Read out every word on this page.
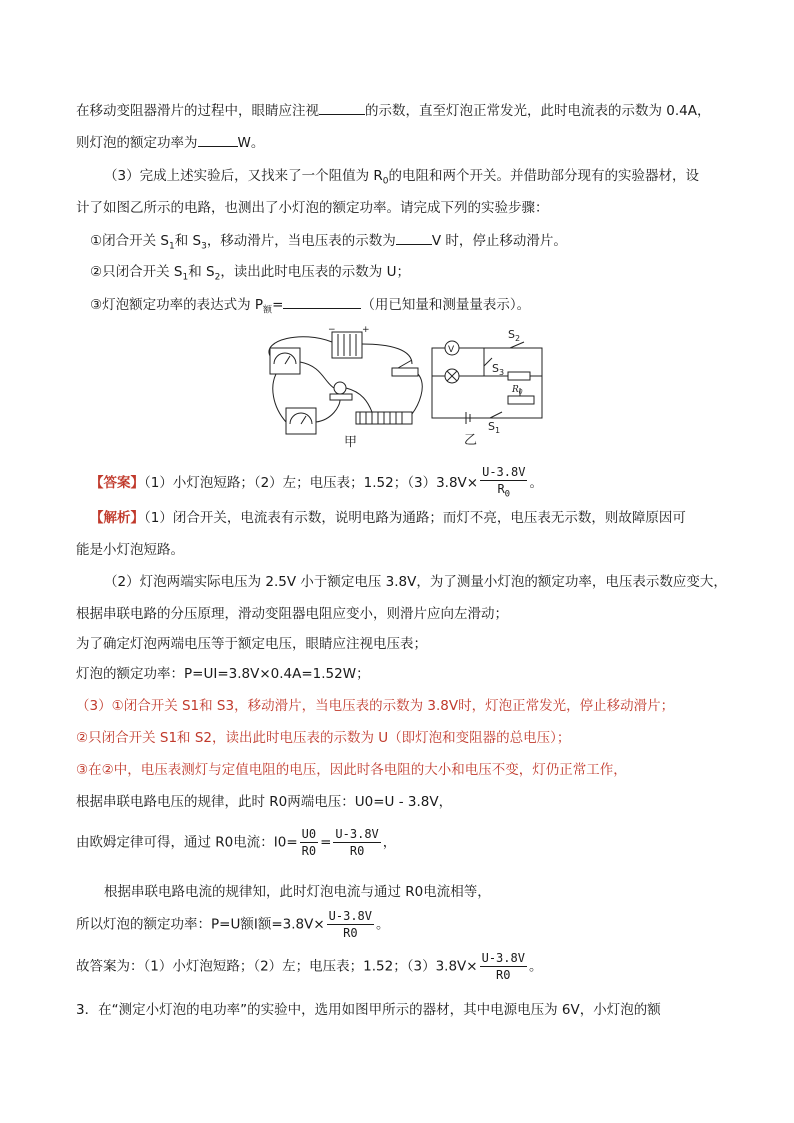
在移动变阻器滑片的过程中，眼睛应注视	的示数，直至灯泡正常发光，此时电流表的示数为 0.4A，
则灯泡的额定功率为	W。
（3）完成上述实验后，又找来了一个阻值为 $R_0$的电阻和两个开关。并借助部分现有的实验器材，设
计了如图乙所示的电路，也测出了小灯泡的额定功率。请完成下列的实验步骤：
①闭合开关 $S_1$和 $S_3$，移动滑片，当电压表的示数为	V 时，停止移动滑片。
②只闭合开关 $S_1$和 $S_2$，读出此时电压表的示数为 U；
③灯泡额定功率的表达式为 $P_额=$	（用已知量和测量量表示）。
−	+
甲
V
$S_2$
$S_3$
$R_0$
$S_1$
乙
【答案】（1）小灯泡短路；（2）左；电压表；1.52；$(3)3.8V\times \frac{U-3.8V}{R_0}$ 。
【解析】（1）闭合开关，电流表有示数，说明电路为通路；而灯不亮，电压表无示数，则故障原因可
能是小灯泡短路。
（2）灯泡两端实际电压为 2.5V 小于额定电压 3.8V，为了测量小灯泡的额定功率，电压表示数应变大，
根据串联电路的分压原理，滑动变阻器电阻应变小，则滑片应向左滑动；
为了确定灯泡两端电压等于额定电压，眼睛应注视电压表；
灯泡的额定功率：P=UI=3.8V×0.4A=1.52W；
（3）①闭合开关 S1和 S3，移动滑片，当电压表的示数为 3.8V时，灯泡正常发光，停止移动滑片；
②只闭合开关 S1和 S2，读出此时电压表的示数为 U（即灯泡和变阻器的总电压）；
③在②中，电压表测灯与定值电阻的电压，因此时各电阻的大小和电压不变，灯仍正常工作，
根据串联电路电压的规律，此时 R0两端电压：U0=U - 3.8V，
由欧姆定律可得，通过 R0电流：$I0= \frac{U0}{R0} = \frac{U-3.8V}{R0}$ ，
根据串联电路电流的规律知，此时灯泡电流与通过 R0电流相等，
所以灯泡的额定功率：P=U额I额$=3.8V\times \frac{U-3.8V}{R0}$ 。
故答案为：（1）小灯泡短路；（2）左；电压表；1.52；$(3)3.8V\times \frac{U-3.8V}{R0}$ 。
3．在“测定小灯泡的电功率”的实验中，选用如图甲所示的器材，其中电源电压为 6V，小灯泡的额
